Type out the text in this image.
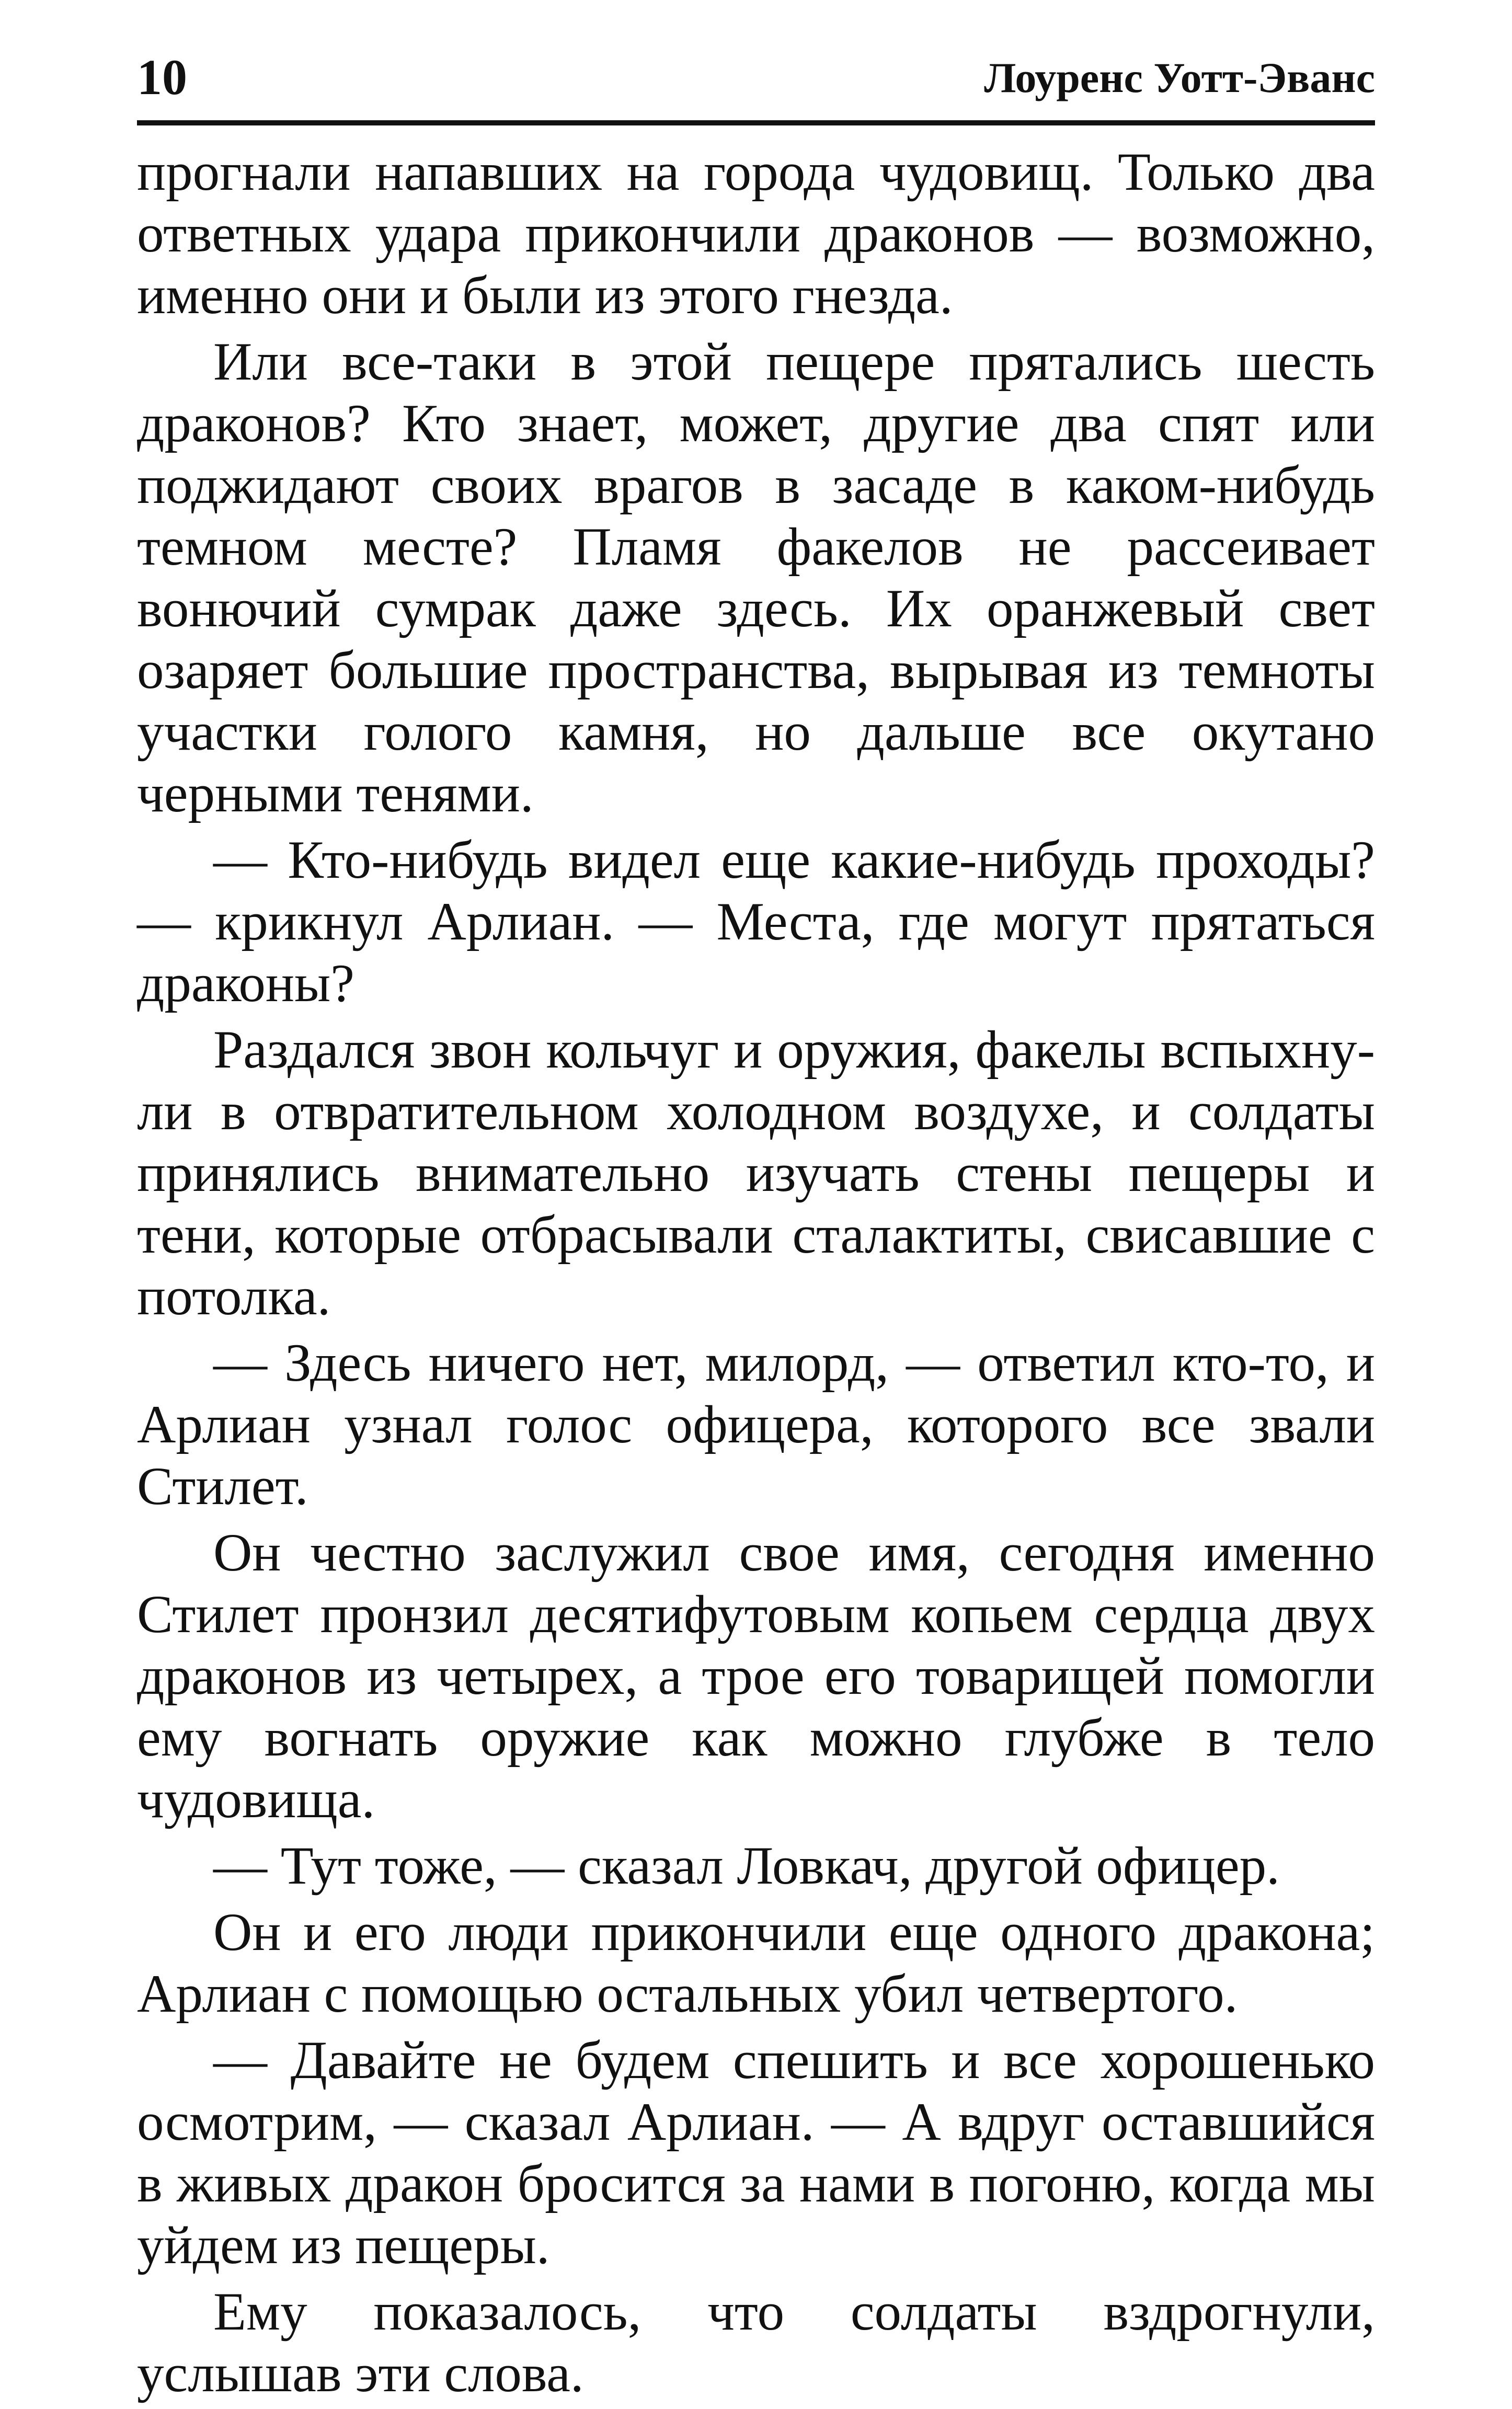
10	Лоуренс Уотт-Эванс

прогнали напавших на города чудовищ. Только два ответных удара прикончили драконов — возможно, именно они и были из этого гнезда.

Или все-таки в этой пещере прятались шесть драконов? Кто знает, может, другие два спят или поджидают своих врагов в засаде в каком-нибудь темном месте? Пламя факелов не рассеивает вонючий сумрак даже здесь. Их оранжевый свет озаряет большие пространства, вырывая из темноты участки голого камня, но дальше все окутано черными тенями.

— Кто-нибудь видел еще какие-нибудь проходы? — крикнул Арлиан. — Места, где могут прятаться драконы?

Раздался звон кольчуг и оружия, факелы вспыхнули в отвратительном холодном воздухе, и солдаты принялись внимательно изучать стены пещеры и тени, которые отбрасывали сталактиты, свисавшие с потолка.

— Здесь ничего нет, милорд, — ответил кто-то, и Арлиан узнал голос офицера, которого все звали Стилет.

Он честно заслужил свое имя, сегодня именно Стилет пронзил десятифутовым копьем сердца двух драконов из четырех, а трое его товарищей помогли ему вогнать оружие как можно глубже в тело чудовища.

— Тут тоже, — сказал Ловкач, другой офицер.

Он и его люди прикончили еще одного дракона; Арлиан с помощью остальных убил четвертого.

— Давайте не будем спешить и все хорошенько осмотрим, — сказал Арлиан. — А вдруг оставшийся в живых дракон бросится за нами в погоню, когда мы уйдем из пещеры.

Ему показалось, что солдаты вздрогнули, услышав эти слова.
